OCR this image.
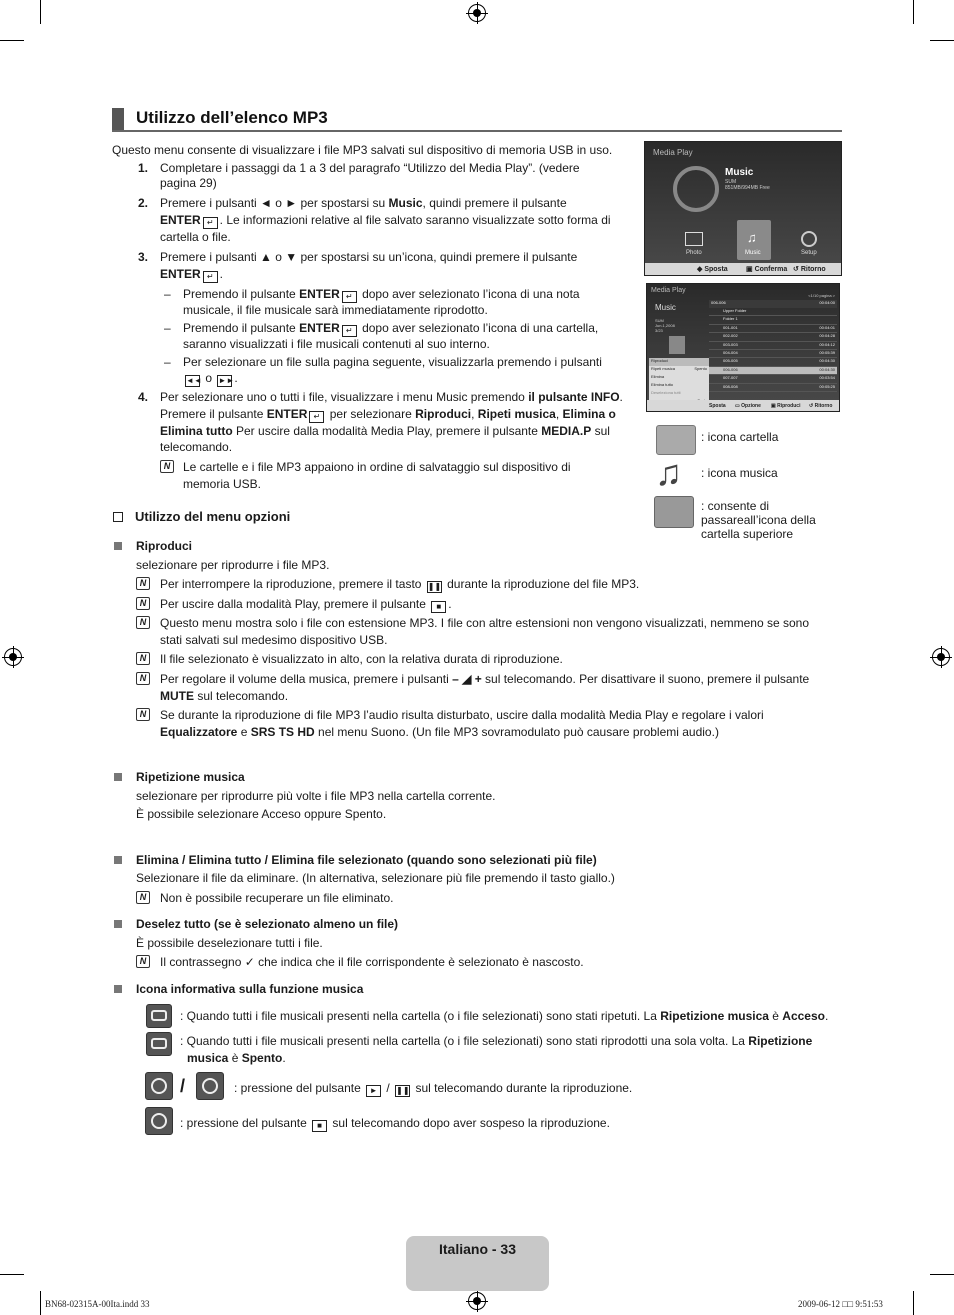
Utilizzo dell’elenco MP3
Questo menu consente di visualizzare i file MP3 salvati sul dispositivo di memoria USB in uso.
1. Completare i passaggi da 1 a 3 del paragrafo “Utilizzo del Media Play”. (vedere
pagina 29)
2. Premere i pulsanti ◄ o ► per spostarsi su Music, quindi premere il pulsante
ENTER ↵ . Le informazioni relative al file salvato saranno visualizzate sotto forma di
cartella o file.
3. Premere i pulsanti ▲ o ▼ per spostarsi su un’icona, quindi premere il pulsante
ENTER ↵ .
– Premendo il pulsante ENTER ↵ dopo aver selezionato l’icona di una nota
musicale, il file musicale sarà immediatamente riprodotto.
– Premendo il pulsante ENTER ↵ dopo aver selezionato l’icona di una cartella,
saranno visualizzati i file musicali contenuti al suo interno.
– Per selezionare un file sulla pagina seguente, visualizzarla premendo i pulsanti
◄◄ o ►►.
4. Per selezionare uno o tutti i file, visualizzare i menu Music premendo il pulsante INFO.
Premere il pulsante ENTER ↵ per selezionare Riproduci, Ripeti musica, Elimina o
Elimina tutto Per uscire dalla modalità Media Play, premere il pulsante MEDIA.P sul
telecomando.
N	Le cartelle e i file MP3 appaiono in ordine di salvataggio sul dispositivo di
memoria USB.
Media Play
Music
SUM
851MB/994MB Free
♫
Photo	Music	Setup
◆ Sposta	▣ Conferma ↺ Ritorno
Media Play
Music
SUM
Jun.1,2008
3/23
Riproduci
Ripeti musica	Spento
Elimina
Elimina tutto
Deseleziona tutti
<1/10 pagina >
006-006	00:04:00
Upper Folder
Folder 1
001-001	00:04:01
002-002	00:04:28
003-003	00:04:12
004-004	00:05:39
005-005	00:04:30
006-006	00:04:30
007-007	00:03:54
008-008	00:05:25
Sposta ▭ Opzione ▣ Riproduci ↺ Ritorno
: icona cartella
♫ : icona musica
: consente di
passareall’icona della
cartella superiore
Utilizzo del menu opzioni
Riproduci
selezionare per riprodurre i file MP3.
N	Per interrompere la riproduzione, premere il tasto ❚❚ durante la riproduzione del file MP3.
N	Per uscire dalla modalità Play, premere il pulsante ■ .
N	Questo menu mostra solo i file con estensione MP3. I file con altre estensioni non vengono visualizzati, nemmeno se sono
stati salvati sul medesimo dispositivo USB.
N	Il file selezionato è visualizzato in alto, con la relativa durata di riproduzione.
N	Per regolare il volume della musica, premere i pulsanti – ◢ + sul telecomando. Per disattivare il suono, premere il pulsante
MUTE sul telecomando.
N	Se durante la riproduzione di file MP3 l’audio risulta disturbato, uscire dalla modalità Media Play e regolare i valori
Equalizzatore e SRS TS HD nel menu Suono. (Un file MP3 sovramodulato può causare problemi audio.)
Ripetizione musica
selezionare per riprodurre più volte i file MP3 nella cartella corrente.
È possibile selezionare Acceso oppure Spento.
Elimina / Elimina tutto / Elimina file selezionato (quando sono selezionati più file)
Selezionare il file da eliminare. (In alternativa, selezionare più file premendo il tasto giallo.)
N	Non è possibile recuperare un file eliminato.
Deselez tutto (se è selezionato almeno un file)
È possibile deselezionare tutti i file.
N	Il contrassegno ✓ che indica che il file corrispondente è selezionato è nascosto.
Icona informativa sulla funzione musica
: Quando tutti i file musicali presenti nella cartella (o i file selezionati) sono stati ripetuti. La Ripetizione musica è Acceso.
: Quando tutti i file musicali presenti nella cartella (o i file selezionati) sono stati riprodotti una sola volta. La Ripetizione
musica è Spento.
/	: pressione del pulsante ► / ❚❚ sul telecomando durante la riproduzione.
: pressione del pulsante ■ sul telecomando dopo aver sospeso la riproduzione.
Italiano - 33
BN68-02315A-00Ita.indd 33	2009-06-12 □□ 9:51:53
